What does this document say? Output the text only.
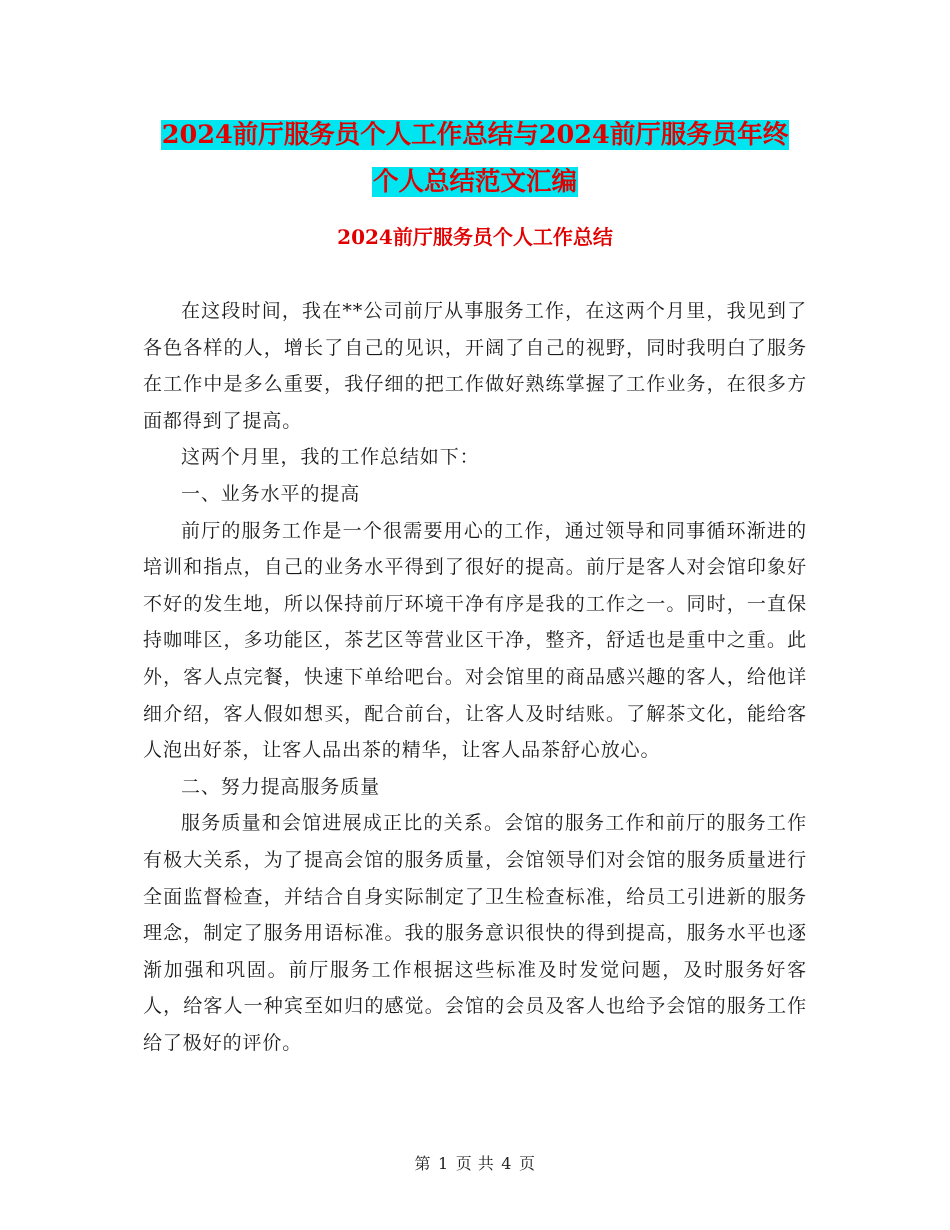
2024前厅服务员个人工作总结与2024前厅服务员年终
个人总结范文汇编
2024前厅服务员个人工作总结

在这段时间，我在**公司前厅从事服务工作，在这两个月里，我见到了各色各样的人，增长了自己的见识，开阔了自己的视野，同时我明白了服务在工作中是多么重要，我仔细的把工作做好熟练掌握了工作业务，在很多方面都得到了提高。

这两个月里，我的工作总结如下：

一、业务水平的提高

前厅的服务工作是一个很需要用心的工作，通过领导和同事循环渐进的培训和指点，自己的业务水平得到了很好的提高。前厅是客人对会馆印象好不好的发生地，所以保持前厅环境干净有序是我的工作之一。同时，一直保持咖啡区，多功能区，茶艺区等营业区干净，整齐，舒适也是重中之重。此外，客人点完餐，快速下单给吧台。对会馆里的商品感兴趣的客人，给他详细介绍，客人假如想买，配合前台，让客人及时结账。了解茶文化，能给客人泡出好茶，让客人品出茶的精华，让客人品茶舒心放心。

二、努力提高服务质量

服务质量和会馆进展成正比的关系。会馆的服务工作和前厅的服务工作有极大关系，为了提高会馆的服务质量，会馆领导们对会馆的服务质量进行全面监督检查，并结合自身实际制定了卫生检查标准，给员工引进新的服务理念，制定了服务用语标准。我的服务意识很快的得到提高，服务水平也逐渐加强和巩固。前厅服务工作根据这些标准及时发觉问题，及时服务好客人，给客人一种宾至如归的感觉。会馆的会员及客人也给予会馆的服务工作给了极好的评价。

第 1 页 共 4 页
